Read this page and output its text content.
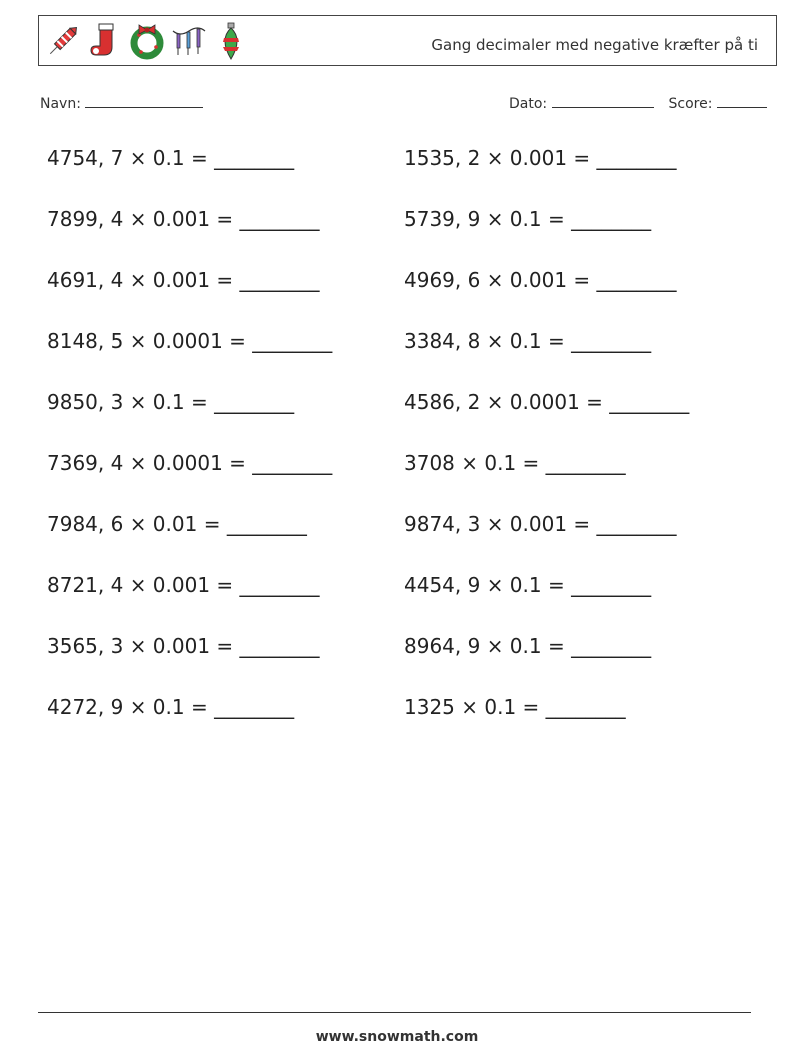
Gang decimaler med negative kræfter på ti
Navn:	Dato:	Score:
4754, 7 × 0.1 = ________	1535, 2 × 0.001 = ________
7899, 4 × 0.001 = ________	5739, 9 × 0.1 = ________
4691, 4 × 0.001 = ________	4969, 6 × 0.001 = ________
8148, 5 × 0.0001 = ________	3384, 8 × 0.1 = ________
9850, 3 × 0.1 = ________	4586, 2 × 0.0001 = ________
7369, 4 × 0.0001 = ________	3708 × 0.1 = ________
7984, 6 × 0.01 = ________	9874, 3 × 0.001 = ________
8721, 4 × 0.001 = ________	4454, 9 × 0.1 = ________
3565, 3 × 0.001 = ________	8964, 9 × 0.1 = ________
4272, 9 × 0.1 = ________	1325 × 0.1 = ________
www.snowmath.com
